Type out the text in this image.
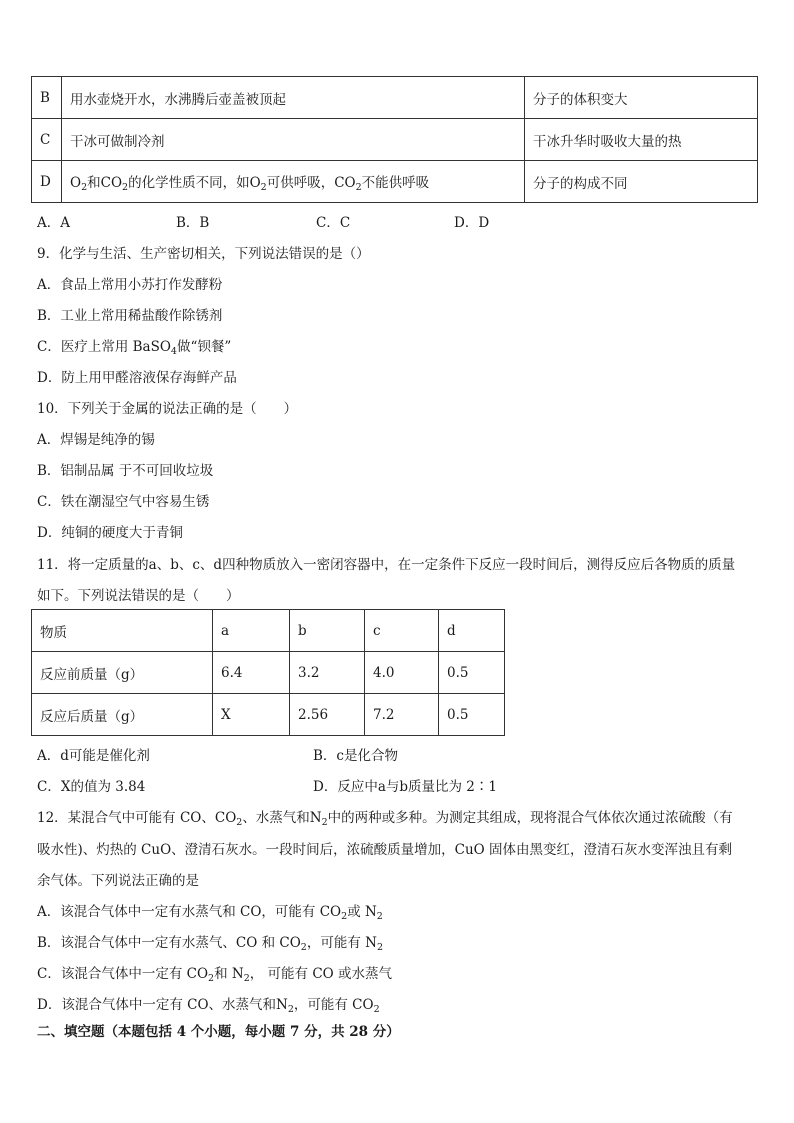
B	用水壶烧开水，水沸腾后壶盖被顶起	分子的体积变大
C	干冰可做制冷剂	干冰升华时吸收大量的热
D	$O_2$和$CO_2$的化学性质不同，如$O_2$可供呼吸，$CO_2$不能供呼吸	分子的构成不同
A．A	B．B	C．C	D．D
9．化学与生活、生产密切相关，下列说法错误的是（）
A．食品上常用小苏打作发酵粉
B．工业上常用稀盐酸作除锈剂
C．医疗上常用 BaSO$_4$做“钡餐”
D．防上用甲醛溶液保存海鲜产品
10．下列关于金属的说法正确的是（　　）
A．焊锡是纯净的锡
B．铝制品属 于不可回收垃圾
C．铁在潮湿空气中容易生锈
D．纯铜的硬度大于青铜
11．将一定质量的a、b、c、d四种物质放入一密闭容器中，在一定条件下反应一段时间后，测得反应后各物质的质量
如下。下列说法错误的是（　　）
物质	a	b	c	d
反应前质量（g）	6.4	3.2	4.0	0.5
反应后质量（g）	X	2.56	7.2	0.5
A．d可能是催化剂	B．c是化合物
C．X的值为 3.84	D．反应中a与b质量比为 2∶1
12．某混合气中可能有 CO、$CO_2$、水蒸气和$N_2$中的两种或多种。为测定其组成，现将混合气体依次通过浓硫酸（有
吸水性)、灼热的 CuO、澄清石灰水。一段时间后，浓硫酸质量增加，CuO 固体由黑变红，澄清石灰水变浑浊且有剩
余气体。下列说法正确的是
A．该混合气体中一定有水蒸气和 CO，可能有 $CO_2$或 $N_2$
B．该混合气体中一定有水蒸气、CO 和 $CO_2$，可能有 $N_2$
C．该混合气体中一定有 $CO_2$和 $N_2$， 可能有 CO 或水蒸气
D．该混合气体中一定有 CO、水蒸气和$N_2$，可能有 $CO_2$
二、填空题（本题包括 4 个小题，每小题 7 分，共 28 分）
